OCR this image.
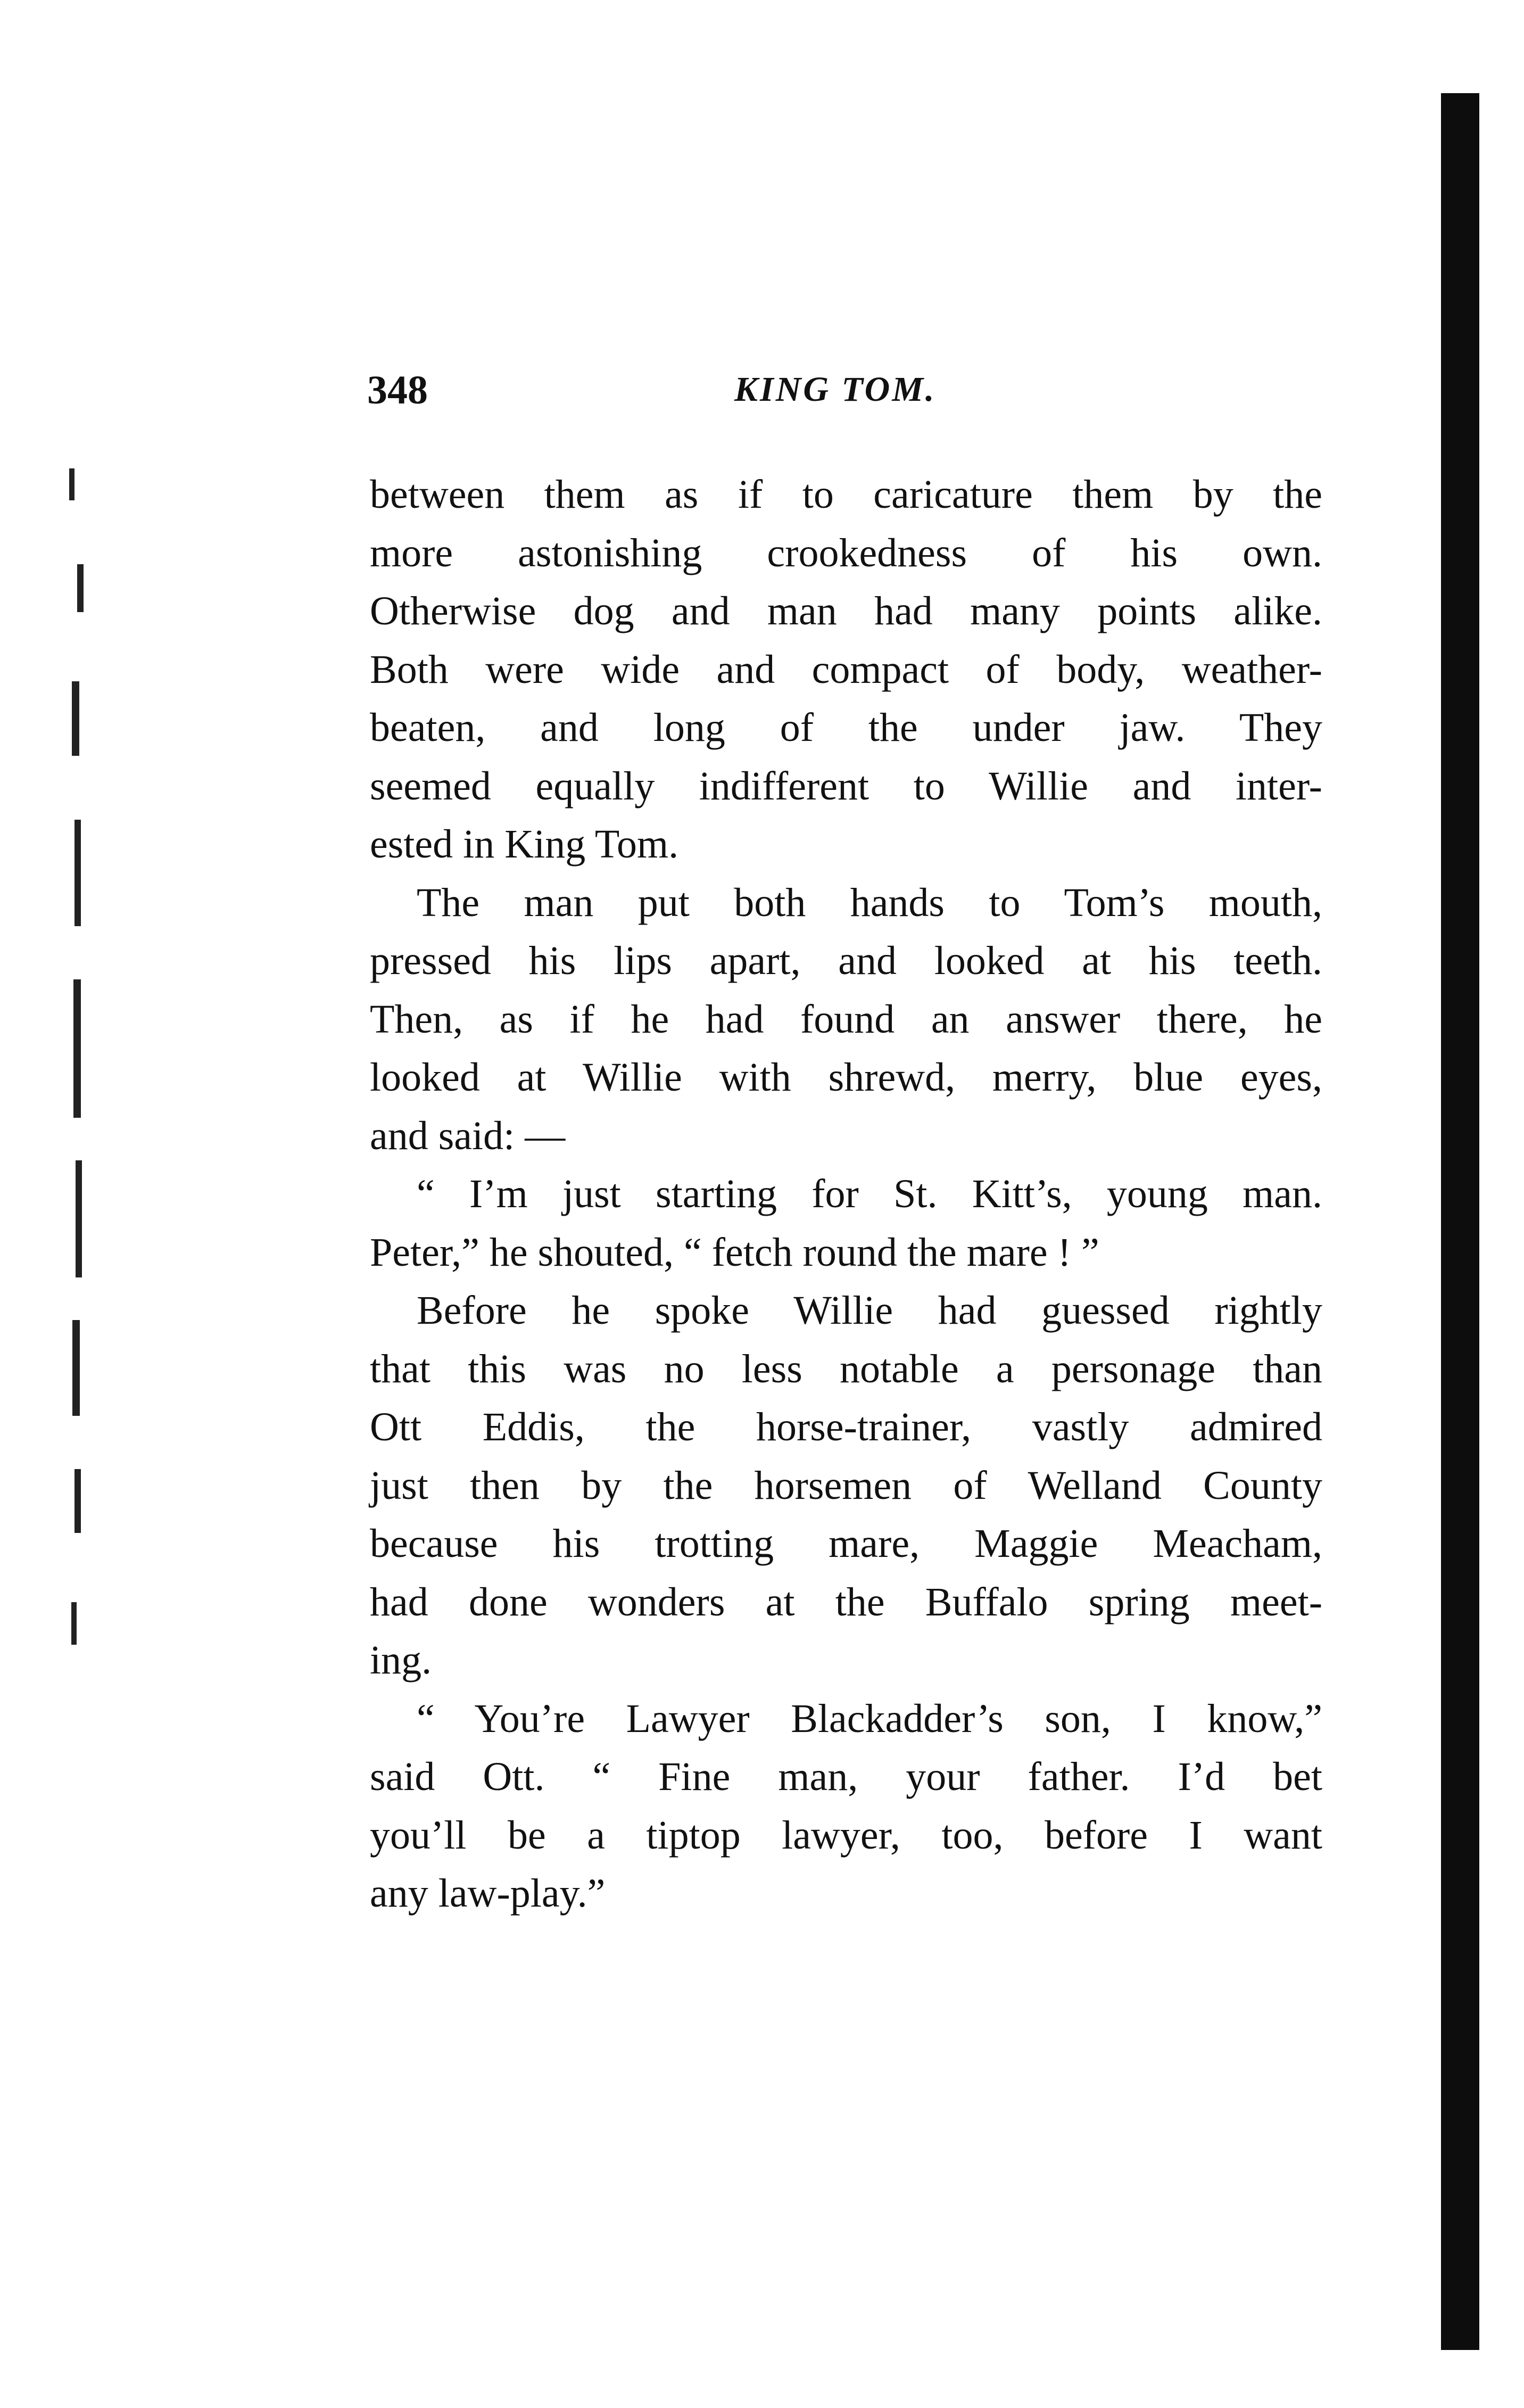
348	KING TOM.
between them as if to caricature them by the
more astonishing crookedness of his own.
Otherwise dog and man had many points alike.
Both were wide and compact of body, weather-
beaten, and long of the under jaw. They
seemed equally indifferent to Willie and inter-
ested in King Tom.
The man put both hands to Tom’s mouth,
pressed his lips apart, and looked at his teeth.
Then, as if he had found an answer there, he
looked at Willie with shrewd, merry, blue eyes,
and said: —
“ I’m just starting for St. Kitt’s, young man.
Peter,” he shouted, “ fetch round the mare ! ”
Before he spoke Willie had guessed rightly
that this was no less notable a personage than
Ott Eddis, the horse-trainer, vastly admired
just then by the horsemen of Welland County
because his trotting mare, Maggie Meacham,
had done wonders at the Buffalo spring meet-
ing.
“ You’re Lawyer Blackadder’s son, I know,”
said Ott. “ Fine man, your father. I’d bet
you’ll be a tiptop lawyer, too, before I want
any law-play.”
